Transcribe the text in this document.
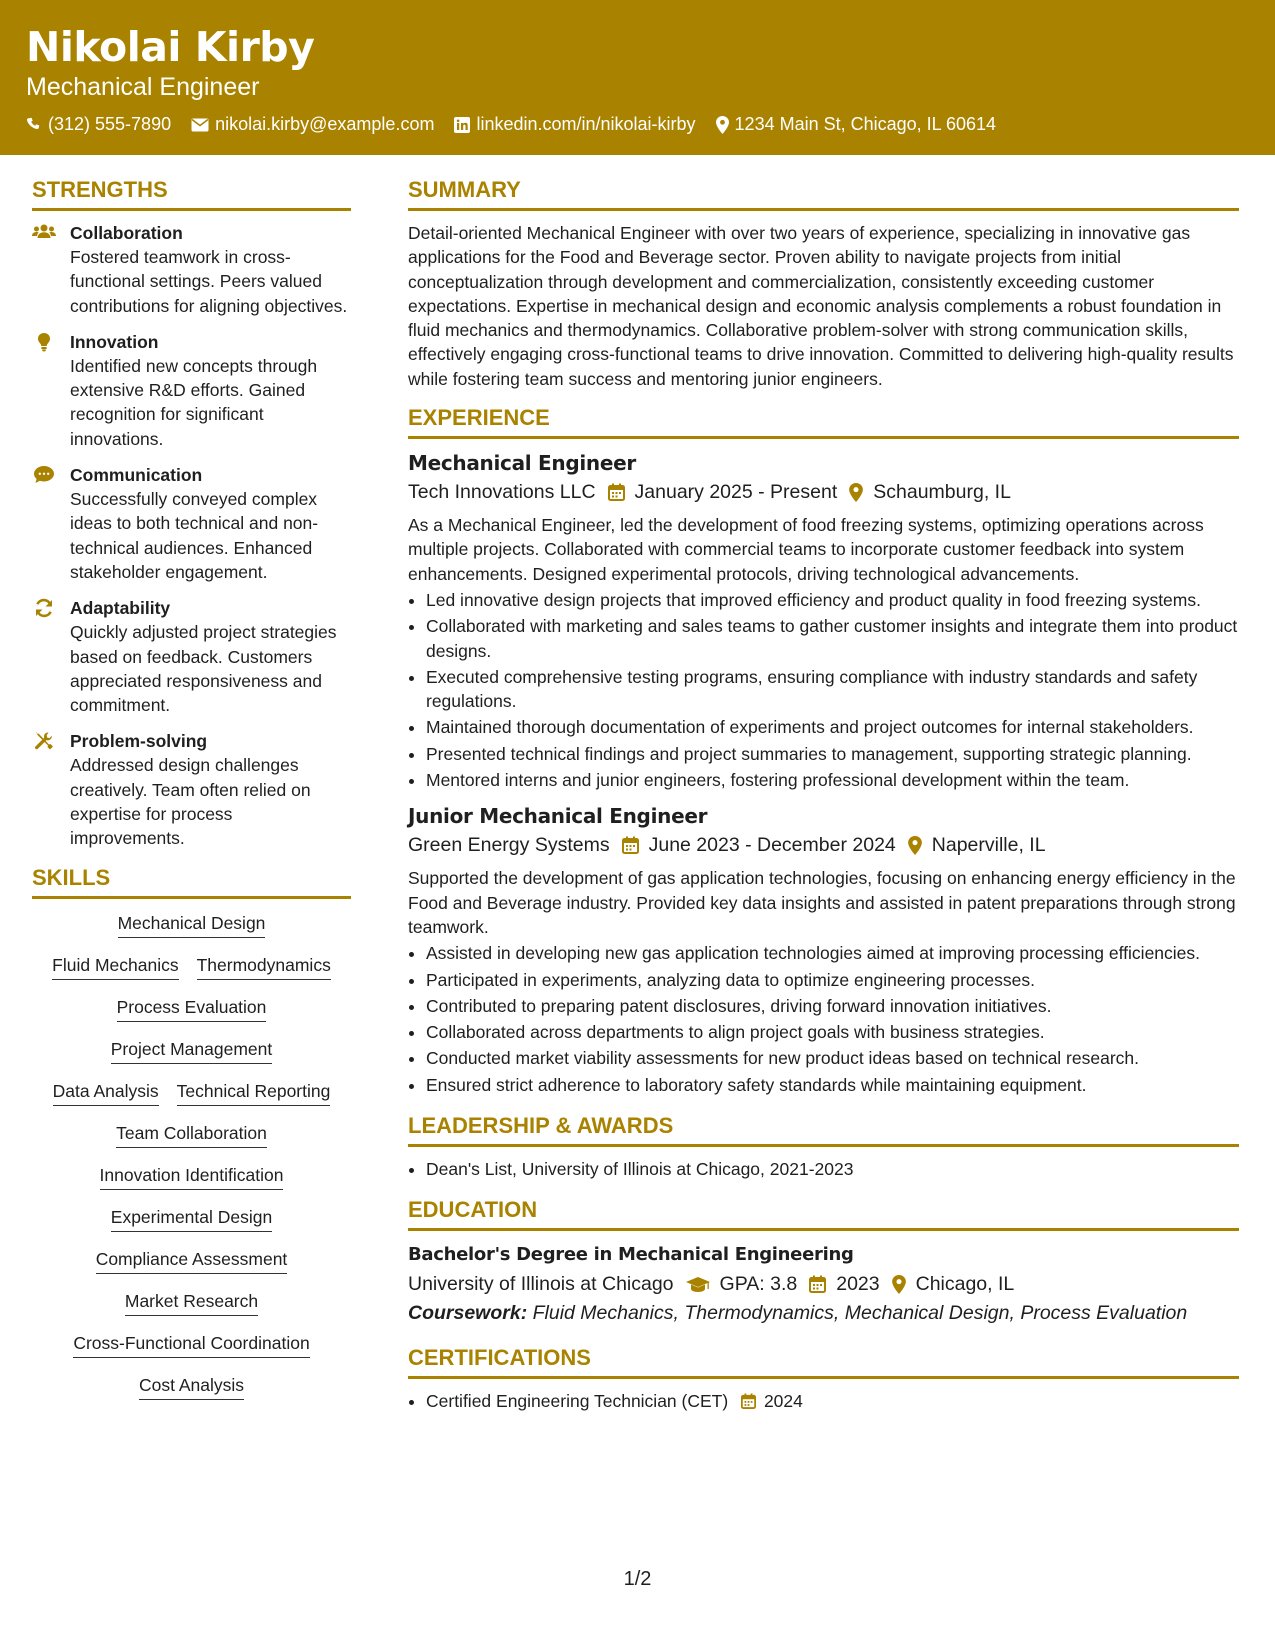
Nikolai Kirby
Mechanical Engineer
(312) 555-7890 nikolai.kirby@example.com linkedin.com/in/nikolai-kirby 1234 Main St, Chicago, IL 60614
STRENGTHS
Collaboration
Fostered teamwork in cross-functional settings. Peers valued contributions for aligning objectives.
Innovation
Identified new concepts through extensive R&D efforts. Gained recognition for significant innovations.
Communication
Successfully conveyed complex ideas to both technical and non-technical audiences. Enhanced stakeholder engagement.
Adaptability
Quickly adjusted project strategies based on feedback. Customers appreciated responsiveness and commitment.
Problem-solving
Addressed design challenges creatively. Team often relied on expertise for process improvements.
SKILLS
Mechanical Design
Fluid Mechanics Thermodynamics
Process Evaluation
Project Management
Data Analysis Technical Reporting
Team Collaboration
Innovation Identification
Experimental Design
Compliance Assessment
Market Research
Cross-Functional Coordination
Cost Analysis
SUMMARY
Detail-oriented Mechanical Engineer with over two years of experience, specializing in innovative gas applications for the Food and Beverage sector. Proven ability to navigate projects from initial conceptualization through development and commercialization, consistently exceeding customer expectations. Expertise in mechanical design and economic analysis complements a robust foundation in fluid mechanics and thermodynamics. Collaborative problem-solver with strong communication skills, effectively engaging cross-functional teams to drive innovation. Committed to delivering high-quality results while fostering team success and mentoring junior engineers.
EXPERIENCE
Mechanical Engineer
Tech Innovations LLC January 2025 - Present Schaumburg, IL
As a Mechanical Engineer, led the development of food freezing systems, optimizing operations across multiple projects. Collaborated with commercial teams to incorporate customer feedback into system enhancements. Designed experimental protocols, driving technological advancements.
• Led innovative design projects that improved efficiency and product quality in food freezing systems.
• Collaborated with marketing and sales teams to gather customer insights and integrate them into product designs.
• Executed comprehensive testing programs, ensuring compliance with industry standards and safety regulations.
• Maintained thorough documentation of experiments and project outcomes for internal stakeholders.
• Presented technical findings and project summaries to management, supporting strategic planning.
• Mentored interns and junior engineers, fostering professional development within the team.
Junior Mechanical Engineer
Green Energy Systems June 2023 - December 2024 Naperville, IL
Supported the development of gas application technologies, focusing on enhancing energy efficiency in the Food and Beverage industry. Provided key data insights and assisted in patent preparations through strong teamwork.
• Assisted in developing new gas application technologies aimed at improving processing efficiencies.
• Participated in experiments, analyzing data to optimize engineering processes.
• Contributed to preparing patent disclosures, driving forward innovation initiatives.
• Collaborated across departments to align project goals with business strategies.
• Conducted market viability assessments for new product ideas based on technical research.
• Ensured strict adherence to laboratory safety standards while maintaining equipment.
LEADERSHIP & AWARDS
• Dean's List, University of Illinois at Chicago, 2021-2023
EDUCATION
Bachelor's Degree in Mechanical Engineering
University of Illinois at Chicago GPA: 3.8 2023 Chicago, IL
Coursework: Fluid Mechanics, Thermodynamics, Mechanical Design, Process Evaluation
CERTIFICATIONS
• Certified Engineering Technician (CET) 2024
1/2
